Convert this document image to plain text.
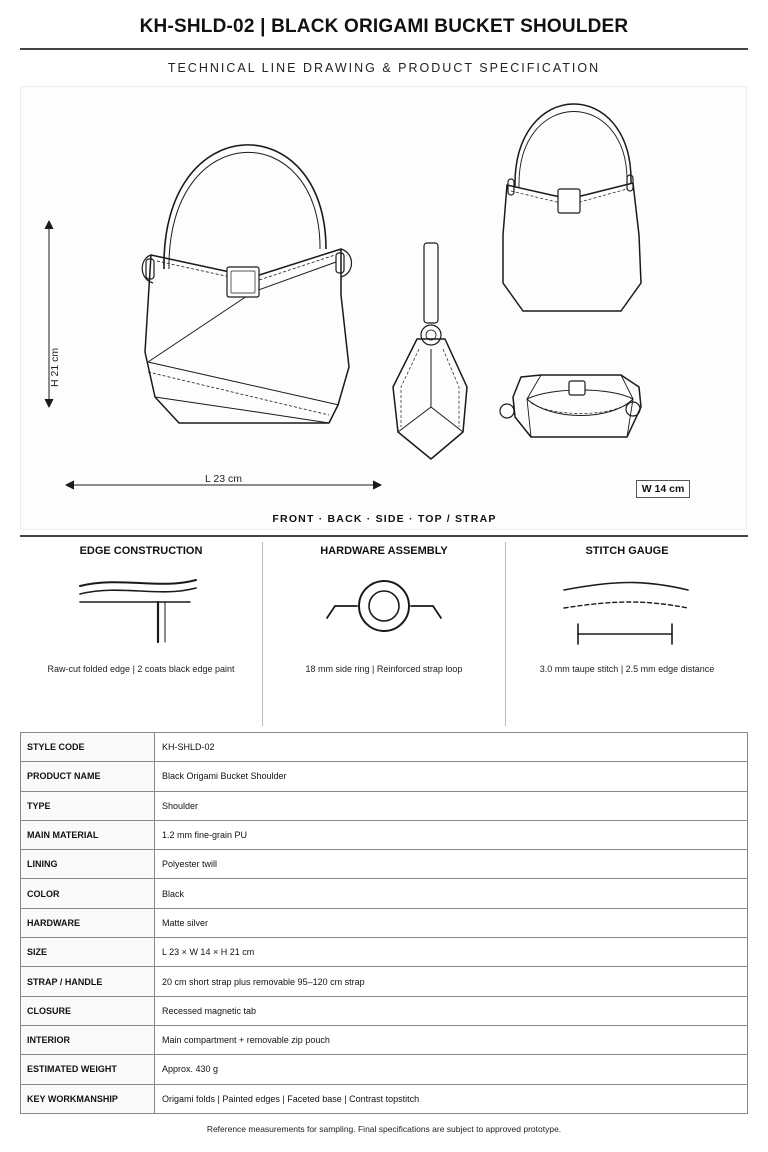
KH-SHLD-02 | BLACK ORIGAMI BUCKET SHOULDER
TECHNICAL LINE DRAWING & PRODUCT SPECIFICATION
H 21 cm
L 23 cm
W 14 cm
FRONT · BACK · SIDE · TOP / STRAP
EDGE CONSTRUCTION
Raw-cut folded edge | 2 coats black edge paint
HARDWARE ASSEMBLY
18 mm side ring | Reinforced strap loop
STITCH GAUGE
3.0 mm taupe stitch | 2.5 mm edge distance
STYLE CODE	KH-SHLD-02
PRODUCT NAME	Black Origami Bucket Shoulder
TYPE	Shoulder
MAIN MATERIAL	1.2 mm fine-grain PU
LINING	Polyester twill
COLOR	Black
HARDWARE	Matte silver
SIZE	L 23 × W 14 × H 21 cm
STRAP / HANDLE	20 cm short strap plus removable 95–120 cm strap
CLOSURE	Recessed magnetic tab
INTERIOR	Main compartment + removable zip pouch
ESTIMATED WEIGHT	Approx. 430 g
KEY WORKMANSHIP	Origami folds | Painted edges | Faceted base | Contrast topstitch
Reference measurements for sampling. Final specifications are subject to approved prototype.
